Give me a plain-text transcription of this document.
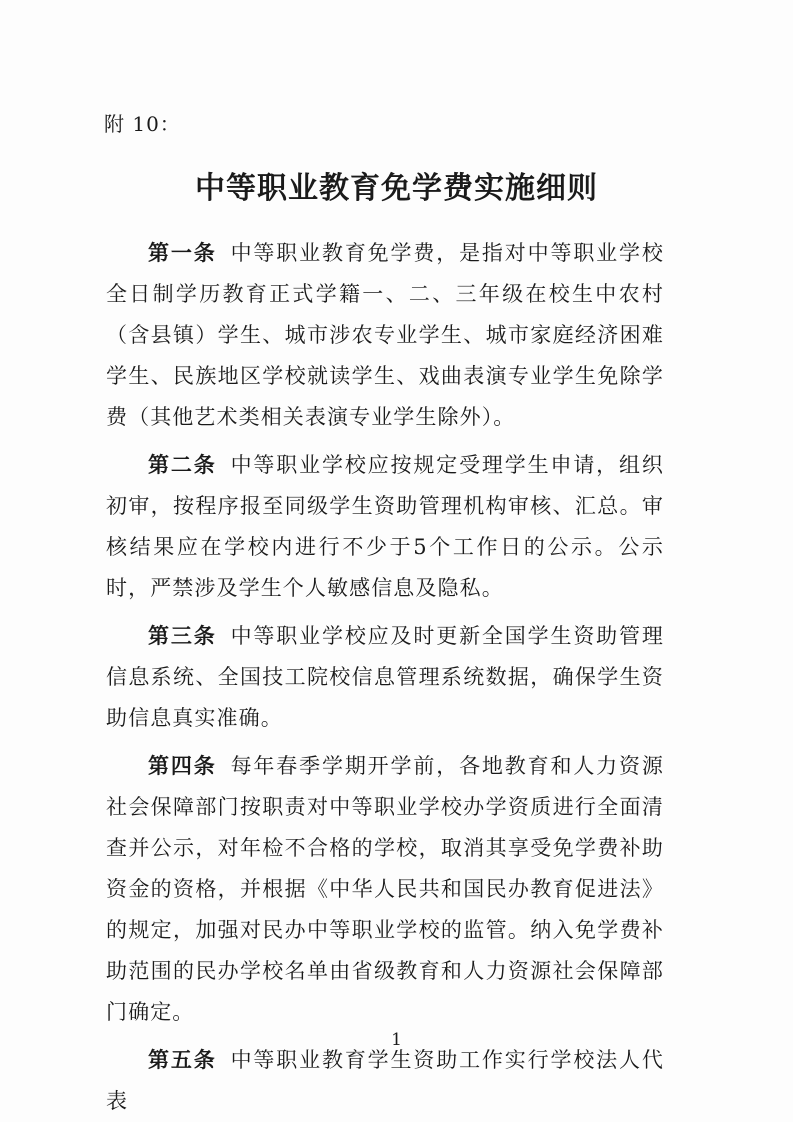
附 10：
中等职业教育免学费实施细则

第一条 中等职业教育免学费，是指对中等职业学校全日制学历教育正式学籍一、二、三年级在校生中农村（含县镇）学生、城市涉农专业学生、城市家庭经济困难学生、民族地区学校就读学生、戏曲表演专业学生免除学费（其他艺术类相关表演专业学生除外）。

第二条 中等职业学校应按规定受理学生申请，组织初审，按程序报至同级学生资助管理机构审核、汇总。审核结果应在学校内进行不少于5个工作日的公示。公示时，严禁涉及学生个人敏感信息及隐私。

第三条 中等职业学校应及时更新全国学生资助管理信息系统、全国技工院校信息管理系统数据，确保学生资助信息真实准确。

第四条 每年春季学期开学前，各地教育和人力资源社会保障部门按职责对中等职业学校办学资质进行全面清查并公示，对年检不合格的学校，取消其享受免学费补助资金的资格，并根据《中华人民共和国民办教育促进法》的规定，加强对民办中等职业学校的监管。纳入免学费补助范围的民办学校名单由省级教育和人力资源社会保障部门确定。

第五条 中等职业教育学生资助工作实行学校法人代表

1
